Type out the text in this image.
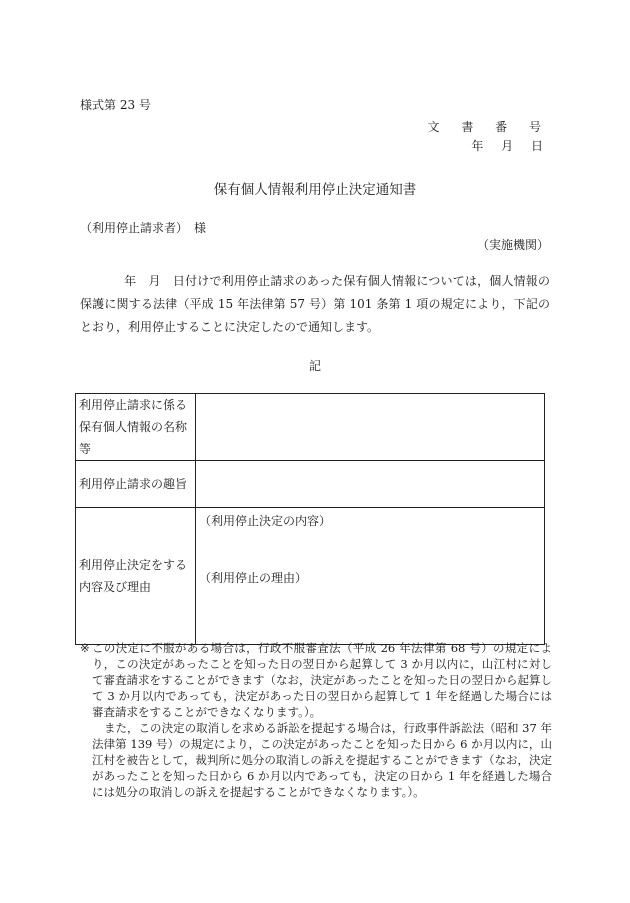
様式第 23 号
文 書 番 号
年 月 日
保有個人情報利用停止決定通知書
（利用停止請求者）　様
（実施機関）
年　月　日付けで利用停止請求のあった保有個人情報については，個人情報の保護に関する法律（平成 15 年法律第 57 号）第 101 条第 1 項の規定により，下記のとおり，利用停止することに決定したので通知します。
記
利用停止請求に係る保有個人情報の名称等	
利用停止請求の趣旨	
利用停止決定をする内容及び理由	（利用停止決定の内容）
（利用停止の理由）
※ この決定に不服がある場合は，行政不服審査法（平成 26 年法律第 68 号）の規定により，この決定があったことを知った日の翌日から起算して 3 か月以内に，山江村に対して審査請求をすることができます（なお，決定があったことを知った日の翌日から起算して 3 か月以内であっても，決定があった日の翌日から起算して 1 年を経過した場合には審査請求をすることができなくなります。）。

また，この決定の取消しを求める訴訟を提起する場合は，行政事件訴訟法（昭和 37 年法律第 139 号）の規定により，この決定があったことを知った日から 6 か月以内に，山江村を被告として，裁判所に処分の取消しの訴えを提起することができます（なお，決定があったことを知った日から 6 か月以内であっても，決定の日から 1 年を経過した場合には処分の取消しの訴えを提起することができなくなります。）。
